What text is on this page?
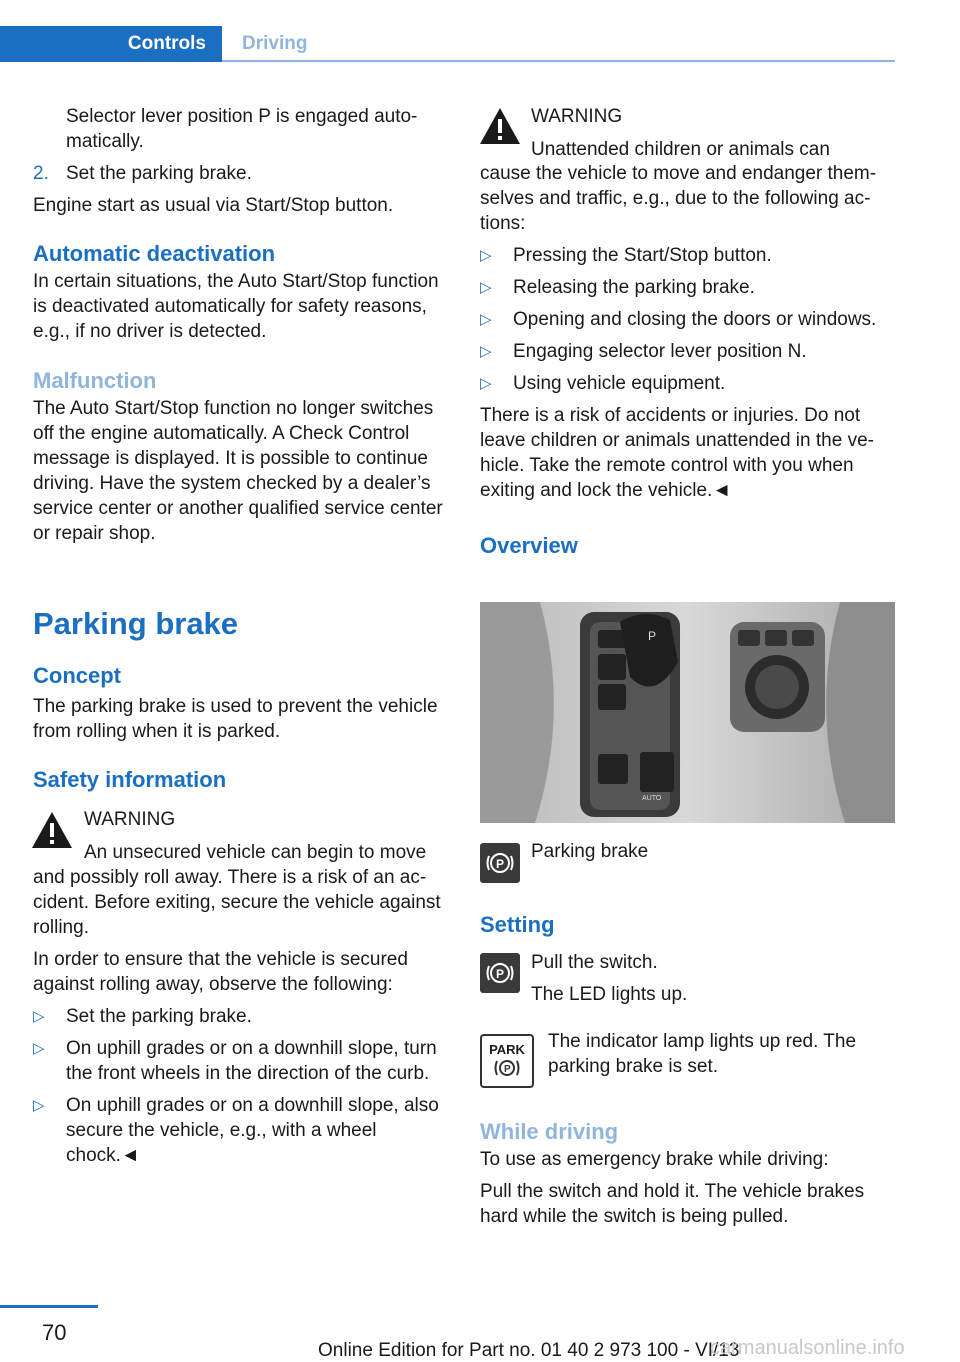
Controls	Driving

Selector lever position P is engaged automatically.

2. Set the parking brake.

Engine start as usual via Start/Stop button.

Automatic deactivation

In certain situations, the Auto Start/Stop function is deactivated automatically for safety reasons, e.g., if no driver is detected.

Malfunction

The Auto Start/Stop function no longer switches off the engine automatically. A Check Control message is displayed. It is possible to continue driving. Have the system checked by a dealer’s service center or another qualified service center or repair shop.

Parking brake
Concept

The parking brake is used to prevent the vehicle from rolling when it is parked.

Safety information

WARNING

An unsecured vehicle can begin to move

and possibly roll away. There is a risk of an accident. Before exiting, secure the vehicle against rolling.

In order to ensure that the vehicle is secured against rolling away, observe the following:

▷ Set the parking brake.
▷ On uphill grades or on a downhill slope, turn the front wheels in the direction of the curb.
▷ On uphill grades or on a downhill slope, also secure the vehicle, e.g., with a wheel chock.◄

WARNING

Unattended children or animals can

cause the vehicle to move and endanger themselves and traffic, e.g., due to the following actions:

▷ Pressing the Start/Stop button.
▷ Releasing the parking brake.
▷ Opening and closing the doors or windows.
▷ Engaging selector lever position N.
▷ Using vehicle equipment.

There is a risk of accidents or injuries. Do not leave children or animals unattended in the vehicle. Take the remote control with you when exiting and lock the vehicle.◄

Overview
P
AUTO
P
Parking brake
Setting
P

Pull the switch.

The LED lights up.

PARK
P
The indicator lamp lights up red. The parking brake is set.
While driving

To use as emergency brake while driving:

Pull the switch and hold it. The vehicle brakes hard while the switch is being pulled.

70
Online Edition for Part no. 01 40 2 973 100 - VI/13
carmanualsonline.info
